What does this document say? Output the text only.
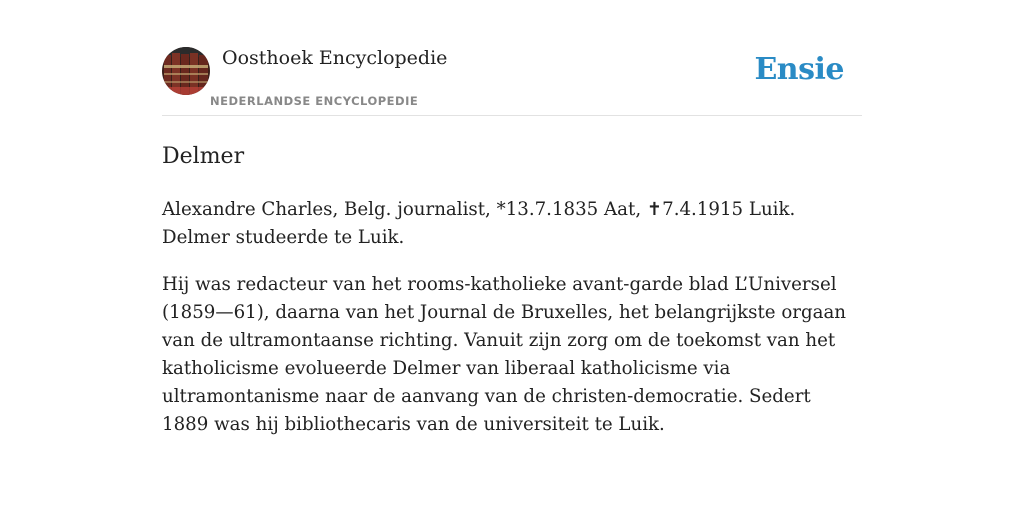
Oosthoek Encyclopedie
NEDERLANDSE ENCYCLOPEDIE
Ensie
Delmer

Alexandre Charles, Belg. journalist, *13.7.1835 Aat, ✝7.4.1915 Luik. Delmer studeerde te Luik.

Hij was redacteur van het rooms-katholieke avant-garde blad L’Universel (1859—61), daarna van het Journal de Bruxelles, het belangrijkste orgaan van de ultramontaanse richting. Vanuit zijn zorg om de toekomst van het katholicisme evolueerde Delmer van liberaal katholicisme via ultramontanisme naar de aanvang van de christen-democratie. Sedert 1889 was hij bibliothecaris van de universiteit te Luik.
